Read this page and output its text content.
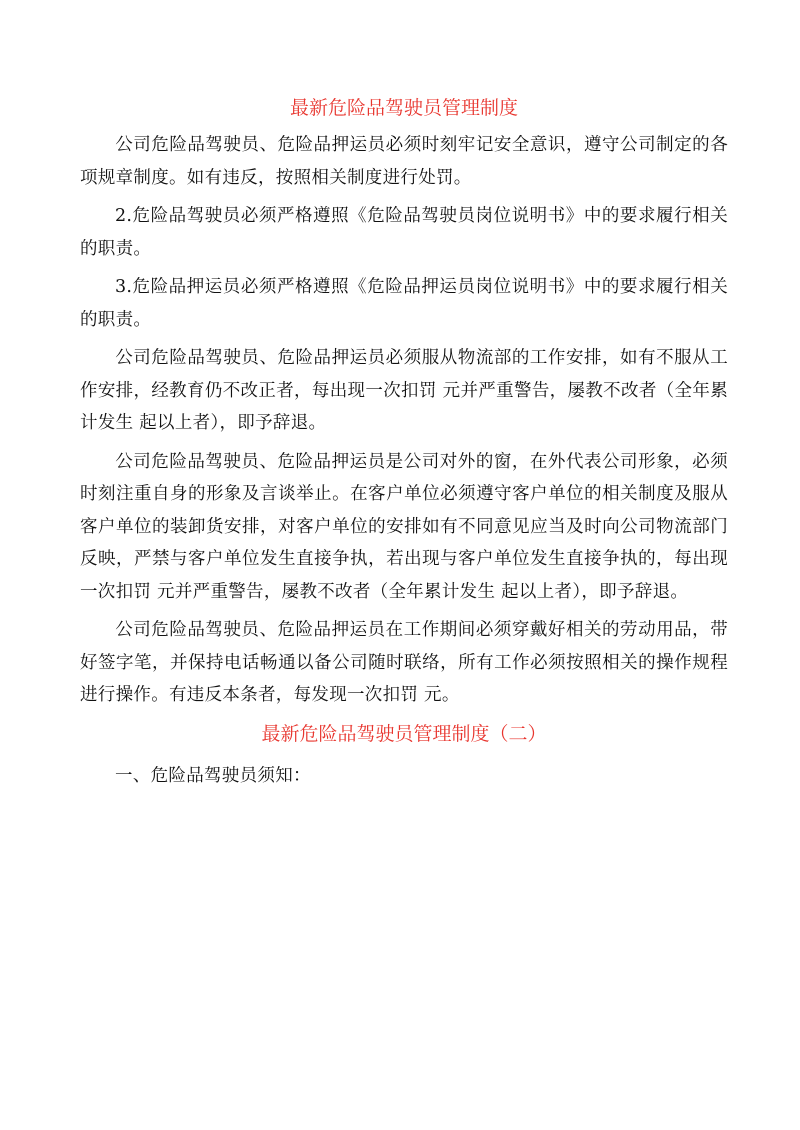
最新危险品驾驶员管理制度

公司危险品驾驶员、危险品押运员必须时刻牢记安全意识，遵守公司制定的各项规章制度。如有违反，按照相关制度进行处罚。

2.危险品驾驶员必须严格遵照《危险品驾驶员岗位说明书》中的要求履行相关的职责。

3.危险品押运员必须严格遵照《危险品押运员岗位说明书》中的要求履行相关的职责。

公司危险品驾驶员、危险品押运员必须服从物流部的工作安排，如有不服从工作安排，经教育仍不改正者，每出现一次扣罚 元并严重警告，屡教不改者（全年累计发生 起以上者），即予辞退。

公司危险品驾驶员、危险品押运员是公司对外的窗，在外代表公司形象，必须时刻注重自身的形象及言谈举止。在客户单位必须遵守客户单位的相关制度及服从客户单位的装卸货安排，对客户单位的安排如有不同意见应当及时向公司物流部门反映，严禁与客户单位发生直接争执，若出现与客户单位发生直接争执的，每出现一次扣罚 元并严重警告，屡教不改者（全年累计发生 起以上者），即予辞退。

公司危险品驾驶员、危险品押运员在工作期间必须穿戴好相关的劳动用品，带好签字笔，并保持电话畅通以备公司随时联络，所有工作必须按照相关的操作规程进行操作。有违反本条者，每发现一次扣罚 元。

最新危险品驾驶员管理制度（二）

一、危险品驾驶员须知：
